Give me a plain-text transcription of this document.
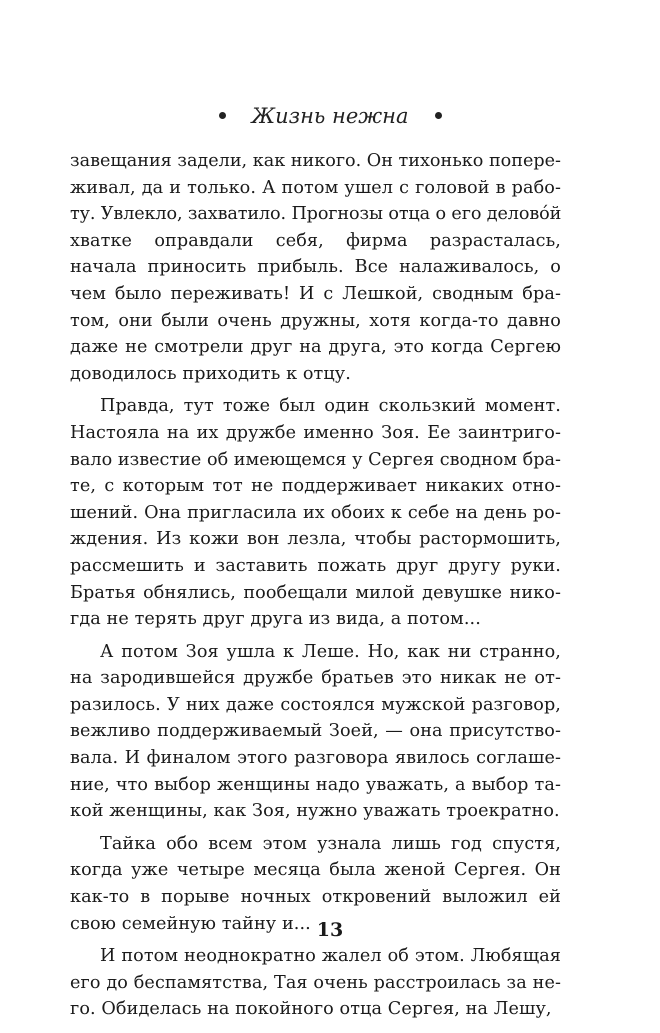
Жизнь нежна
завещания задели, как никого. Он тихонько попере-
живал, да и только. А потом ушел с головой в рабо-
ту. Увлекло, захватило. Прогнозы отца о его делово́й
хватке оправдали себя, фирма разрасталась,
начала приносить прибыль. Все налаживалось, о
чем было переживать! И с Лешкой, сводным бра-
том, они были очень дружны, хотя когда-то давно
даже не смотрели друг на друга, это когда Сергею
доводилось приходить к отцу.
Правда, тут тоже был один скользкий момент.
Настояла на их дружбе именно Зоя. Ее заинтриго-
вало известие об имеющемся у Сергея сводном бра-
те, с которым тот не поддерживает никаких отно-
шений. Она пригласила их обоих к себе на день ро-
ждения. Из кожи вон лезла, чтобы растормошить,
рассмешить и заставить пожать друг другу руки.
Братья обнялись, пообещали милой девушке нико-
гда не терять друг друга из вида, а потом...
А потом Зоя ушла к Леше. Но, как ни странно,
на зародившейся дружбе братьев это никак не от-
разилось. У них даже состоялся мужской разговор,
вежливо поддерживаемый Зоей, — она присутство-
вала. И финалом этого разговора явилось соглаше-
ние, что выбор женщины надо уважать, а выбор та-
кой женщины, как Зоя, нужно уважать троекратно.
Тайка обо всем этом узнала лишь год спустя,
когда уже четыре месяца была женой Сергея. Он
как-то в порыве ночных откровений выложил ей
свою семейную тайну и...
И потом неоднократно жалел об этом. Любящая
его до беспамятства, Тая очень расстроилась за не-
го. Обиделась на покойного отца Сергея, на Лешу,
13
